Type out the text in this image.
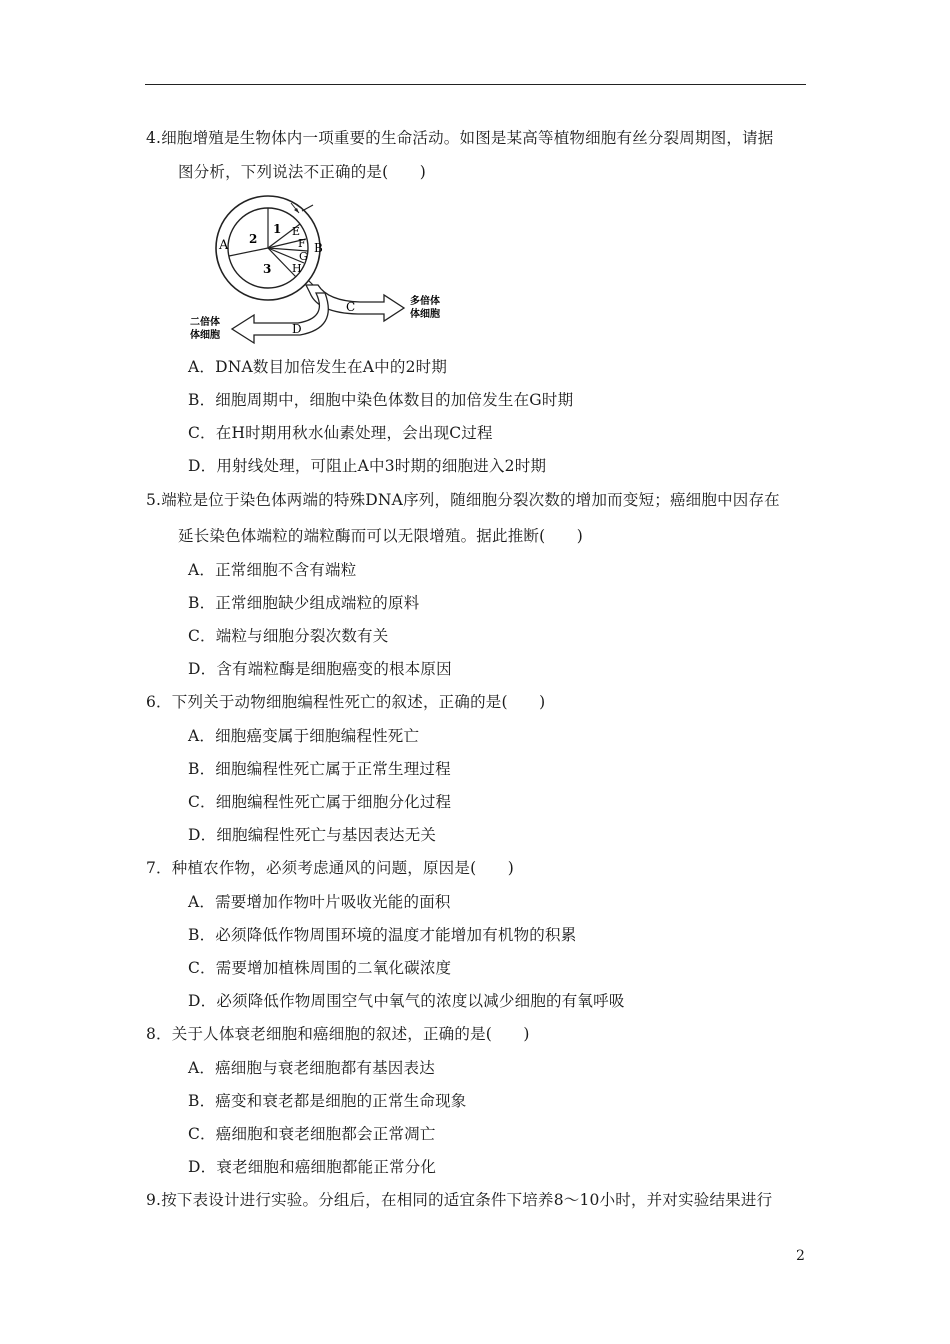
4.细胞增殖是生物体内一项重要的生命活动。如图是某高等植物细胞有丝分裂周期图，请据
图分析，下列说法不正确的是(　　)
A 2
1
3
E
F B
G
H
C	多倍体
体细胞
D
二倍体
体细胞
A．DNA数目加倍发生在A中的2时期
B．细胞周期中，细胞中染色体数目的加倍发生在G时期
C．在H时期用秋水仙素处理，会出现C过程
D．用射线处理，可阻止A中3时期的细胞进入2时期
5.端粒是位于染色体两端的特殊DNA序列，随细胞分裂次数的增加而变短；癌细胞中因存在
延长染色体端粒的端粒酶而可以无限增殖。据此推断(　　)
A．正常细胞不含有端粒
B．正常细胞缺少组成端粒的原料
C．端粒与细胞分裂次数有关
D．含有端粒酶是细胞癌变的根本原因
6．下列关于动物细胞编程性死亡的叙述，正确的是(　　)
A．细胞癌变属于细胞编程性死亡
B．细胞编程性死亡属于正常生理过程
C．细胞编程性死亡属于细胞分化过程
D．细胞编程性死亡与基因表达无关
7．种植农作物，必须考虑通风的问题，原因是(　　)
A．需要增加作物叶片吸收光能的面积
B．必须降低作物周围环境的温度才能增加有机物的积累
C．需要增加植株周围的二氧化碳浓度
D．必须降低作物周围空气中氧气的浓度以减少细胞的有氧呼吸
8．关于人体衰老细胞和癌细胞的叙述，正确的是(　　)
A．癌细胞与衰老细胞都有基因表达
B．癌变和衰老都是细胞的正常生命现象
C．癌细胞和衰老细胞都会正常凋亡
D．衰老细胞和癌细胞都能正常分化
9.按下表设计进行实验。分组后，在相同的适宜条件下培养8～10小时，并对实验结果进行
2
